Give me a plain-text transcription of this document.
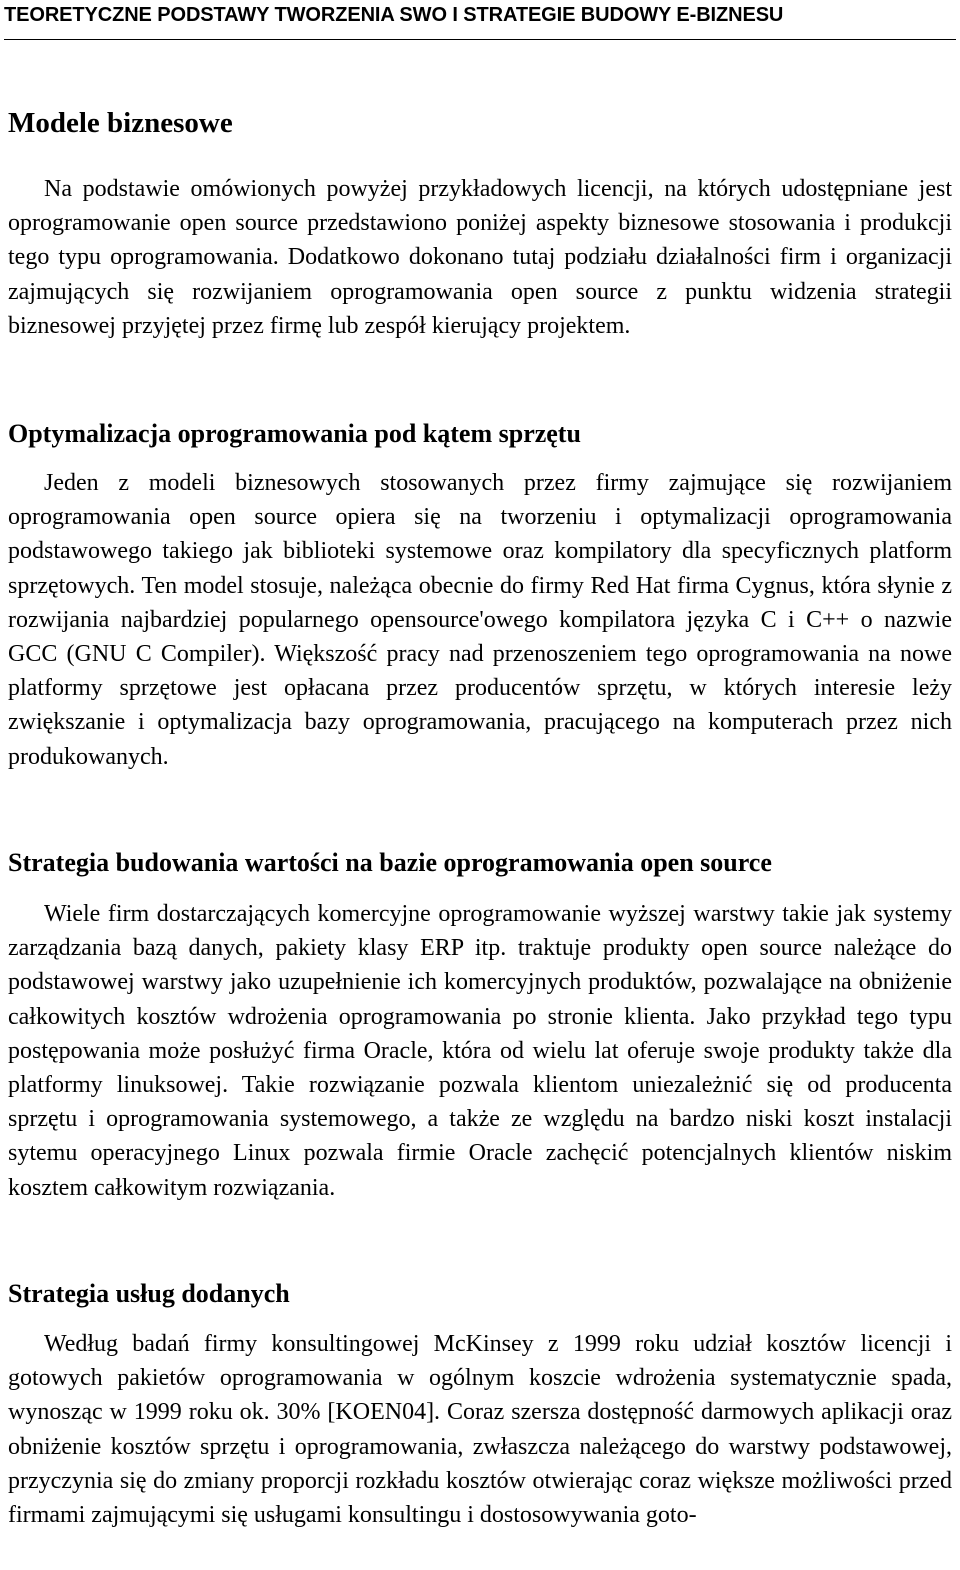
TEORETYCZNE PODSTAWY TWORZENIA SWO I STRATEGIE BUDOWY E-BIZNESU
Modele biznesowe

Na podstawie omówionych powyżej przykładowych licencji, na których udostępniane jest oprogramowanie open source przedstawiono poniżej aspekty biznesowe stosowania i produkcji tego typu oprogramowania. Dodatkowo dokonano tutaj podziału działalności firm i organizacji zajmujących się rozwijaniem oprogramowania open source z punktu widzenia strategii biznesowej przyjętej przez firmę lub zespół kierujący projektem.

Optymalizacja oprogramowania pod kątem sprzętu

Jeden z modeli biznesowych stosowanych przez firmy zajmujące się rozwijaniem oprogramowania open source opiera się na tworzeniu i optymalizacji oprogramowania podstawowego takiego jak biblioteki systemowe oraz kompilatory dla specyficznych platform sprzętowych. Ten model stosuje, należąca obecnie do firmy Red Hat firma Cygnus, która słynie z rozwijania najbardziej popularnego opensource'owego kompilatora języka C i C++ o nazwie GCC (GNU C Compiler). Większość pracy nad przenoszeniem tego oprogramowania na nowe platformy sprzętowe jest opłacana przez producentów sprzętu, w których interesie leży zwiększanie i optymalizacja bazy oprogramowania, pracującego na komputerach przez nich produkowanych.

Strategia budowania wartości na bazie oprogramowania open source

Wiele firm dostarczających komercyjne oprogramowanie wyższej warstwy takie jak systemy zarządzania bazą danych, pakiety klasy ERP itp. traktuje produkty open source należące do podstawowej warstwy jako uzupełnienie ich komercyjnych produktów, pozwalające na obniżenie całkowitych kosztów wdrożenia oprogramowania po stronie klienta. Jako przykład tego typu postępowania może posłużyć firma Oracle, która od wielu lat oferuje swoje produkty także dla platformy linuksowej. Takie rozwiązanie pozwala klientom uniezależnić się od producenta sprzętu i oprogramowania systemowego, a także ze względu na bardzo niski koszt instalacji sytemu operacyjnego Linux pozwala firmie Oracle zachęcić potencjalnych klientów niskim kosztem całkowitym rozwiązania.

Strategia usług dodanych

Według badań firmy konsultingowej McKinsey z 1999 roku udział kosztów licencji i gotowych pakietów oprogramowania w ogólnym koszcie wdrożenia systematycznie spada, wynosząc w 1999 roku ok. 30% [KOEN04]. Coraz szersza dostępność darmowych aplikacji oraz obniżenie kosztów sprzętu i oprogramowania, zwłaszcza należącego do warstwy podstawowej, przyczynia się do zmiany proporcji rozkładu kosztów otwierając coraz większe możliwości przed firmami zajmującymi się usługami konsultingu i dostosowywania goto-
